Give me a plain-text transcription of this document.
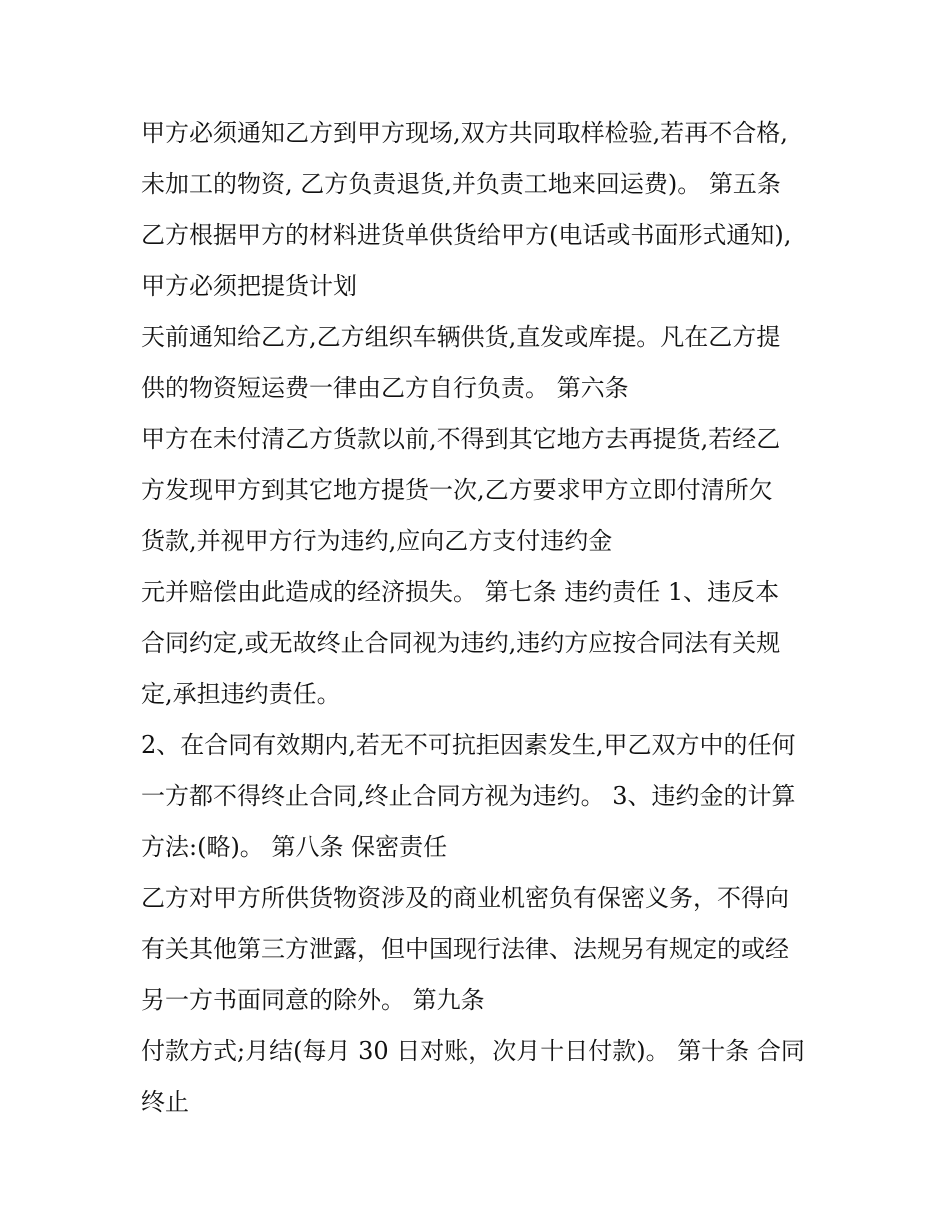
甲方必须通知乙方到甲方现场,双方共同取样检验,若再不合格,
未加工的物资, 乙方负责退货,并负责工地来回运费)。 第五条
乙方根据甲方的材料进货单供货给甲方(电话或书面形式通知),
甲方必须把提货计划
天前通知给乙方,乙方组织车辆供货,直发或库提。凡在乙方提
供的物资短运费一律由乙方自行负责。 第六条
甲方在未付清乙方货款以前,不得到其它地方去再提货,若经乙
方发现甲方到其它地方提货一次,乙方要求甲方立即付清所欠
货款,并视甲方行为违约,应向乙方支付违约金
元并赔偿由此造成的经济损失。 第七条 违约责任 1、违反本
合同约定,或无故终止合同视为违约,违约方应按合同法有关规
定,承担违约责任。
2、在合同有效期内,若无不可抗拒因素发生,甲乙双方中的任何
一方都不得终止合同,终止合同方视为违约。 3、违约金的计算
方法:(略)。 第八条 保密责任
乙方对甲方所供货物资涉及的商业机密负有保密义务，不得向
有关其他第三方泄露，但中国现行法律、法规另有规定的或经
另一方书面同意的除外。 第九条
付款方式;月结(每月 30 日对账，次月十日付款)。 第十条 合同
终止
